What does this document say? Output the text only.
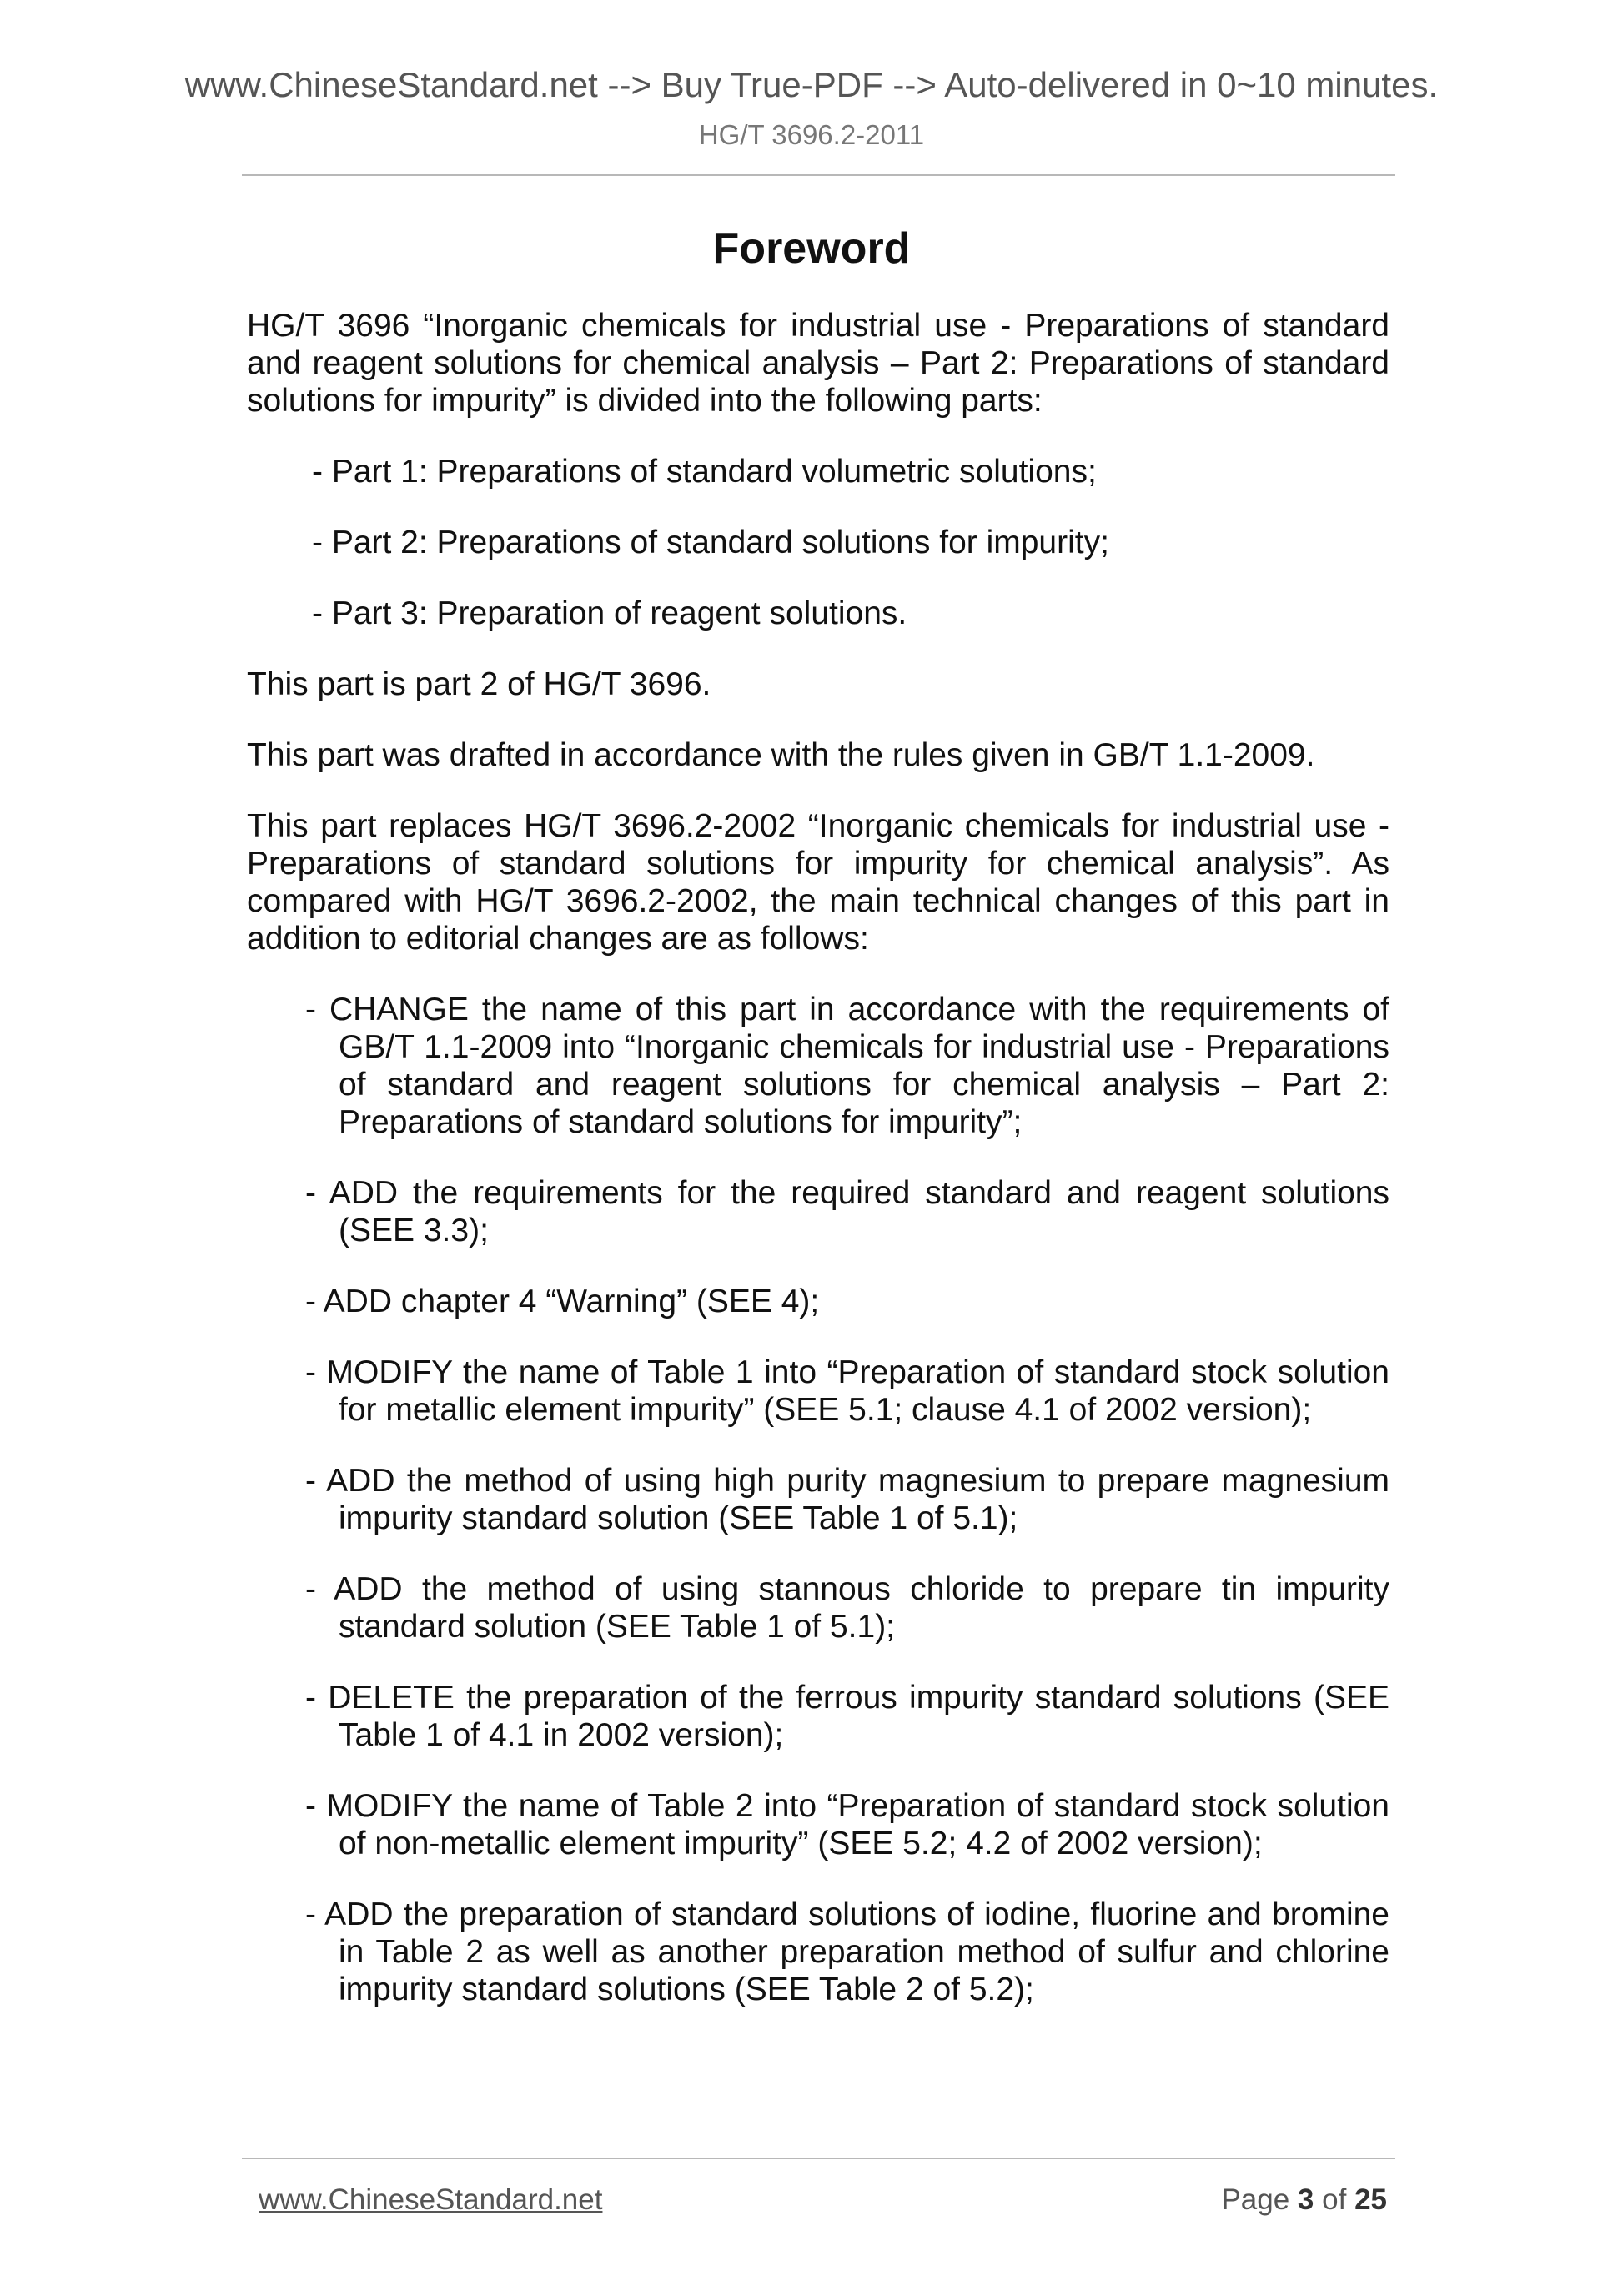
www.ChineseStandard.net --> Buy True-PDF --> Auto-delivered in 0~10 minutes.
HG/T 3696.2-2011
Foreword

HG/T 3696 “Inorganic chemicals for industrial use - Preparations of standard and reagent solutions for chemical analysis – Part 2: Preparations of standard solutions for impurity” is divided into the following parts:

- Part 1: Preparations of standard volumetric solutions;
- Part 2: Preparations of standard solutions for impurity;
- Part 3: Preparation of reagent solutions.

This part is part 2 of HG/T 3696.

This part was drafted in accordance with the rules given in GB/T 1.1-2009.

This part replaces HG/T 3696.2-2002 “Inorganic chemicals for industrial use - Preparations of standard solutions for impurity for chemical analysis”. As compared with HG/T 3696.2-2002, the main technical changes of this part in addition to editorial changes are as follows:

- CHANGE the name of this part in accordance with the requirements of GB/T 1.1-2009 into “Inorganic chemicals for industrial use - Preparations of standard and reagent solutions for chemical analysis – Part 2: Preparations of standard solutions for impurity”;
- ADD the requirements for the required standard and reagent solutions (SEE 3.3);
- ADD chapter 4 “Warning” (SEE 4);
- MODIFY the name of Table 1 into “Preparation of standard stock solution for metallic element impurity” (SEE 5.1; clause 4.1 of 2002 version);
- ADD the method of using high purity magnesium to prepare magnesium impurity standard solution (SEE Table 1 of 5.1);
- ADD the method of using stannous chloride to prepare tin impurity standard solution (SEE Table 1 of 5.1);
- DELETE the preparation of the ferrous impurity standard solutions (SEE Table 1 of 4.1 in 2002 version);
- MODIFY the name of Table 2 into “Preparation of standard stock solution of non-metallic element impurity” (SEE 5.2; 4.2 of 2002 version);
- ADD the preparation of standard solutions of iodine, fluorine and bromine in Table 2 as well as another preparation method of sulfur and chlorine impurity standard solutions (SEE Table 2 of 5.2);
www.ChineseStandard.net	Page 3 of 25
